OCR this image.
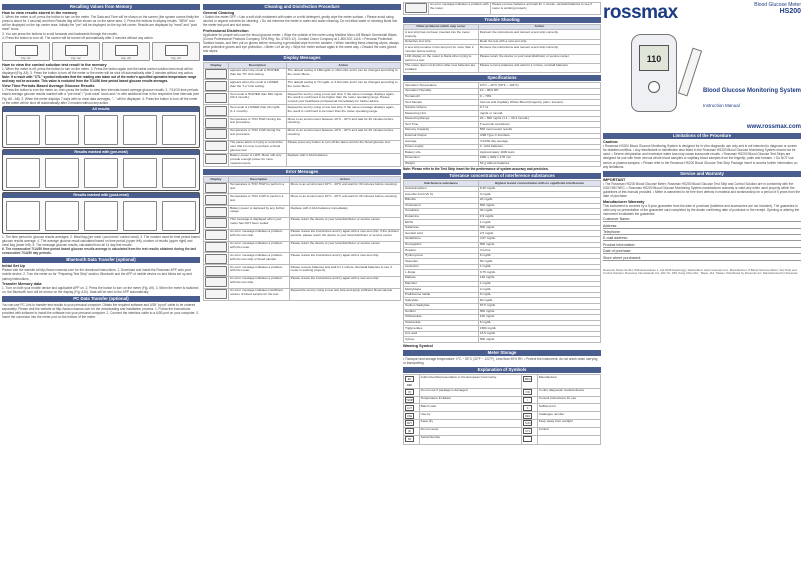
Recalling Values from Memory
How to view results stored in the memory
1. When the meter is off, press the button to turn on the meter. The Data and Time will be shown on the screen (the system comes firstly the press is about for 1 second) and then Results flag will be shown as on the same area. 2. Press the buttons to display results. "MEM" icon will be displayed on the top center area. Initially the "pre" will be displayed on the top-left corner. Results are displayed by "meal" and "post meal" icons.
3. You can press the buttons to scroll forwards and backwards through the results.
4. Press the button to turn off. The screen will be turned off automatically after 2 minutes without any action.
Fig. A1	Fig. A2	Fig. A3	Fig. A4
How to view the control solution test result in the memory
1. When the meter is off, press the button to turn on the meter. 2. Press the button again and the latest control solution test result will be displayed (Fig. A5). 3. Press the button to turn off the meter or the meter will be shut off automatically after 2 minutes without any action.
Note: If a result with "CTL" symbol indicates that the reading was taken out of the meter's specified operative temperature range and may not be accurate. This value is excluded from the 7/14/30 time period based glucose results averages.
View Time Periods Based Average Glucose Results
1. Press the button to turn the meter on, then press the button to view time intervals based average glucose results. 2. 7/14/30 time periods based average glucose results marked with a "pre meal" / "post meal" icons and / or with additional time in the respective time intervals (see Fig. A6 - A8). 3. When the meter displays 7 days with no meal data averages, "--" will be displayed. 4. Press the button to turn off the meter or the meter will be shut off automatically after 2 minutes without any action.
All results
Results marked with (pre-meal)
Results marked with (post-meal)
1. The time period for glucose results averages. 2. Meal flag (pre meal / post meal / control meal). 3. The number used for time period based glucose results average. 4. The average glucose result calculated based on time period (upper left), number of results (upper right) and meal flag (lower left). 5. The message glucose results, calculated from all 14 day test results.
6. The consecutive 7/14/30 time period based glucose results average is calculated from the test results obtained during the last consecutive 7/14/30 day periods.
Bluetooth Data Transfer (optional)
Initial Set Up
Please visit the website at http://www.rossmax.com for the download instructions. 1. Download and install the Rossmax APP onto your mobile device. 2. Turn the meter on for "Preparing Test Strip" section. Bluetooth and the APP of mobile device on and follow set up and pairing instructions.
Transfer Memory data
1. Turn on both your mobile device and applicable APP on. 2. Press the button to turn on the meter (Fig. A9). 3. When the meter is switched on, the Bluetooth icon will be shown on the display (Fig. A10). Data will be sent to the APP automatically.
PC Data Transfer (optional)
You can use PC Link to transfer test results to your personal computer. Obtain the required software and USB "pport" cable to be ordered separately. Please visit the website at http://www.rossmax.com for the downloading and installation process. 1. Follow the instructions provided with software to install the software into your personal computer. 2. Connect the interface cable to a USB port on your computer. 3. Insert the connector into the meter port on the bottom of the meter.
Cleaning and Disinfection Procedure
General Cleaning
• Switch the meter OFF. • Use a soft cloth moistened with water or a mild detergent, gently wipe the meter surface. • Please avoid using alcohol or organic solvents for cleaning. • Do not immerse the meter in water and water cleaning. Do not allow water or cleaning fluids into the meter test port and slot areas.
Professional Disinfection
Applicable for people who use the blood glucose meter. • Wipe the outside of the meter using Medline Micro-Kill Bleach Germicidal Wipes (Clorox Professional Products Company, EPA Reg. No. 67619-12). Contact Clorox Company at 1-800-537-1415. • Personal Protection: Sanitize hands, and then put on gloves before removing a germicidal wipe from the canister. • When handling these cleaning wipes, always wear protective gloves and eye protection. • Meter: Let air dry. • Wipe the meter surface again in the same way. • Discard the used gloves and wipes.
Display Messages
Display	Description	Action

	appears when the result is HIGHER than the "Hi" limit setting.	The default setting is 180mg/dL or 10mmol/L and it can be changed according to the meter Menu.

	appears when the result is LOWER than the "Lo" limit setting.	The default setting is 70 mg/dL or 3.9mmol/L and it can be changed according to the meter Menu.

	Test result is HIGHER than 600 mg/dL (33.3 mmol/L).	Repeat the test by using a new test strip. If the same message displays again, the result is confirmed to be higher than the meter operating range. Please consult your healthcare professional immediately for further advice.

	Test result is LOWER than 20 mg/dL (1.1 mmol/L).	Repeat the test by using a new test strip. If the same message displays again, the result is confirmed to be lower than the meter operating range.

	Temperature is TOO HIGH during the test procedure.	Move to an environment between 10°C - 40°C and wait for 30 minutes before retesting.

	Temperature is TOO LOW during the test procedure.	Move to an environment between 10°C - 40°C and wait for 30 minutes before retesting.

	The panel alarm is trying to remind the user that it is time to perform a blood glucose test.	Please press any button to turn off the alarm and do the blood glucose test.

	Battery power is LOW. Meter still only provide enough power for more measurements.	Replace with 2 AAA batteries.
Error Messages
Display	Description	Action

	Temperature is TOO HIGH to perform a test.	Move to an environment 10°C - 40°C and wait for 30 minutes before retesting.

	Temperature is TOO LOW to perform a test.	Move to an environment 10°C - 40°C and wait for 30 minutes before retesting.

	Battery power is depleted by any further usage.	Replace with 2 AAA batteries immediately.

	This message is displayed when your meter has NOT been coded.	Please return the device to your local distributor or service center.

	An error message indicates a problem with the test strip.	Please review the instructions and try again with a new test strip. If the problem persists, please return the device to your local distributor or service center.

	An error message indicates a problem with the meter.	Please return the device to your local distributor or service center.

	An error message indicates a problem with the test strip or blood sample.	Please review the instructions and try again with a new test strip.

	An error message indicates a problem with the meter.	Please remove batteries and wait for 1 minute. Reinstall batteries to see if meter is working properly.

	An error message indicates a problem with the test strip.	Please review the instructions and try again with a new test strip.

	An error message indicates insufficient volume of blood sample for the test.	Repeat the test by using a new test strip and apply sufficient blood sample.
	An error message indicates a problem with the meter.	Please remove batteries and wait for 1 minute, reinstall batteries to see if meter is working properly.
Trouble Shooting
Other problems which may occur	Action
A test strip has not been inserted into the meter properly.	Reinsert the instructions and reinsert a test strip correctly.
Defective test strip.	Redo the test with a new test strip.
A test strip remains in the test port for more than 2 minutes before testing.	Remove the instructions and reinsert a test strip correctly.
LCD display on the meter is blank when trying to perform a test.	Please return the device to your local distributor or service center.
The meter does not function after new batteries are installed.	Please remove batteries and wait for 1 minute, reinstall batteries.
Specifications
Operation Temperature	10°C ~ 40°C (50°F ~ 104°F)
Operation Humidity	10 ~ 90% RH
Hematocrit	0 ~ 70%
Test Sample	Venous and Capillary Whole Blood (Fingertip, palm, forearm)
Sample Volume	0.7 uL
Measuring Unit	mg/dL or mmol/L
Measuring Range	20 ~ 600 mg/dL (1.1 ~ 33.3 mmol/L)
Test Time	5 seconds countdown
Memory Capacity	500 most recent results
External Output	USB Type C Interface
Average	7/14/30 day average
Power supply	2 - AAA batteries
Battery Life	Approximately 1000 tests
Dimension	108L x 40W x 17H mm
Weight	52 g without batteries
Note: Please refer to the Test Strip insert for the performance of system accuracy and precision.
Tolerance concentration of interference substances
Interference substance	Highest tested concentration with no significant interference
Acetaminophen	6.25 mg/dL
Ascorbic Acid (Vit C)	3 mg/dL
Bilirubin	20 mg/dL
Cholesterol	500 mg/dL
Creatinine	30 mg/dL
Dopamine	0.9 mg/dL
EDTA	1 mg/dL
Galactose	500 mg/dL
Gentisic acid	2.5 mg/dL
Glutathione	4.67 mg/dL
Hemoglobin	500 mg/dL
Heparin	3 IU/mL
Hydroxyurea	6 mg/dL
Ibuprofen	50 mg/dL
Icodextrin	1 mg/dL
L-Dopa	0.75 mg/dL
Maltose	120 mg/dL
Mannitol	1 mg/dL
Methyldopa	2 mg/dL
Pralidoxime iodide	5 mg/dL
Salicylate	60 mg/dL
Sodium Salicylate	87.5 mg/dL
Sorbitol	500 mg/dL
Tolbutamide	100 mg/dL
Tolazamide	5 mg/dL
Triglycerides	1500 mg/dL
Uric acid	16.5 mg/dL
Xylose	500 mg/dL
Warning Symbol
Meter Storage
• Transport and storage temperature: 0°C ~ 50°C (32°F ~ 122°F), Less than 90% RH. • Protect the instrument, do not crash when carrying or transporting.
Explanation of Symbols
EC REP	Authorized Representative in the European Community	MFG	Manufacturer
(X)	Do not use if package is damaged	IVD	In vitro diagnostic medical device
TEMP	Temperature limitation	i	Consult instructions for use
LOT	Batch code	Σ	Sufficient for
USE	Use-by	REF	Catalogue number
DRY	Keep dry	SUN	Keep away from sunlight
(2)	Do not reuse	CTL	Control
SN	Serial Number		
rossmax	Blood Glucose Meter
HS200
110
Blood Glucose Monitoring System
Instruction Manual
www.rossmax.com
Limitations of the Procedure
Caution:
• Rossmax HS200 Blood Glucose Monitoring System is designed for in vitro diagnostic use only and is not intended to diagnose or screen for diabetes mellitus. • Any disinfectant or disinfection also listed in the Rossmax HS200 Blood Glucose Monitoring System should not be used. • Severe dehydration and excessive water loss may cause inaccurate results. • Rossmax HS200 Blood Glucose Test Strips are designed for use with fresh venous whole blood samples or capillary blood samples from the fingertip, palm and forearm. • Do NOT use serum or plasma samples. • Please refer to the Rossmax HS200 Blood Glucose Test Strip Package insert to access further information on any limitations.
Service and Warranty
IMPORTANT
• The Rossmax HS200 Blood Glucose Meter, Rossmax HS200 Blood Glucose Test Strip and Control Solution are in conformity with the IVDD 98/79/EC. • Rossmax HS200 Blood Glucose Monitoring System manufacturer warranty is valid only when used properly within the guidelines of this manual provided. • Meter is warranted to be free from defects in material and workmanship for a period of 5 years from the date of purchase.
Manufacturer Warranty
This instrument is covered by a 5 year guarantee from the date of purchase (batteries and accessories are not included). The guarantee is valid only on presentation of the guarantee card completed by the dealer confirming date of purchase or the receipt. Opening or altering the instrument invalidates the guarantee.
Customer Name:
Address:
Telephone:
E-mail address:
Product Information:
Date of purchase:
Store where purchased:
Rossmax Swiss GmbH, Widnauerstrasse 1, CH-9435 Heerbrugg, Switzerland. www.rossmax.com. Manufacturer of Blood Glucose Meter, Test Strip and Control Solution: Rossmax International Ltd. 12F, No. 189, Kang Chien Rd., Taipei, 114, Taiwan. Distributed by Rossmax Inc. Manufactured for Rossmax.
